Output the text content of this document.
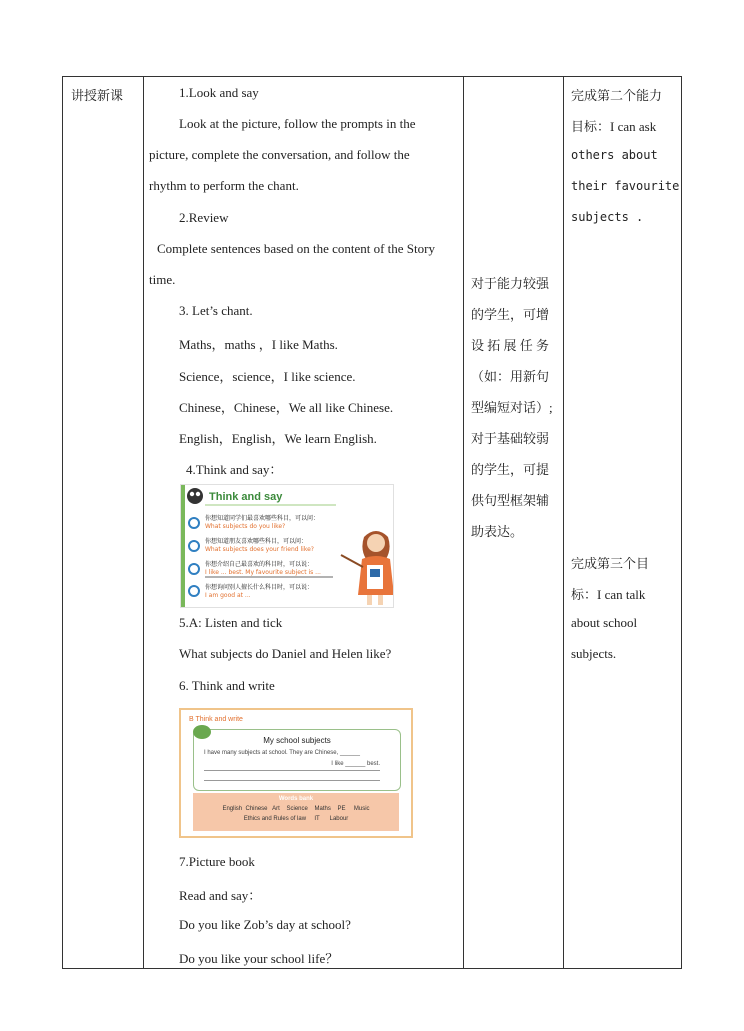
讲授新课	1.Look and say
Look at the picture, follow the prompts in the
picture, complete the conversation, and follow the
rhythm to perform the chant.
2.Review
Complete sentences based on the content of the Story
time.
3. Let’s chant.
Maths，maths ，I like Maths.
Science，science，I like science.
Chinese，Chinese，We all like Chinese.
English，English，We learn English.
4.Think and say：
5.A: Listen and tick
What subjects do Daniel and Helen like?
6. Think and write
7.Picture book
Read and say：
Do you like Zob’s day at school?
Do you like your school life？
Think and say
你想知道同学们最喜欢哪些科目，可以问：
What subjects do you like?
你想知道朋友喜欢哪些科目，可以问：
What subjects does your friend like?
你想介绍自己最喜欢的科目时，可以说：
I like ... best. My favourite subject is ...
你想询问别人擅长什么科目时，可以说：
I am good at ...
B Think and write
My school subjects
I have many subjects at school. They are Chinese, ______
I like ______ best.
Words bank
English  Chinese   Art    Science    Maths    PE     Music
Ethics and Rules of law     IT      Labour
对于能力较强
的学生，可增
设 拓 展 任 务
（如：用新句
型编短对话）;
对于基础较弱
的学生，可提
供句型框架辅
助表达。
完成第二个能力
目标：I can ask
others about
their favourite
subjects .
完成第三个目
标：I can talk
about school
subjects.
